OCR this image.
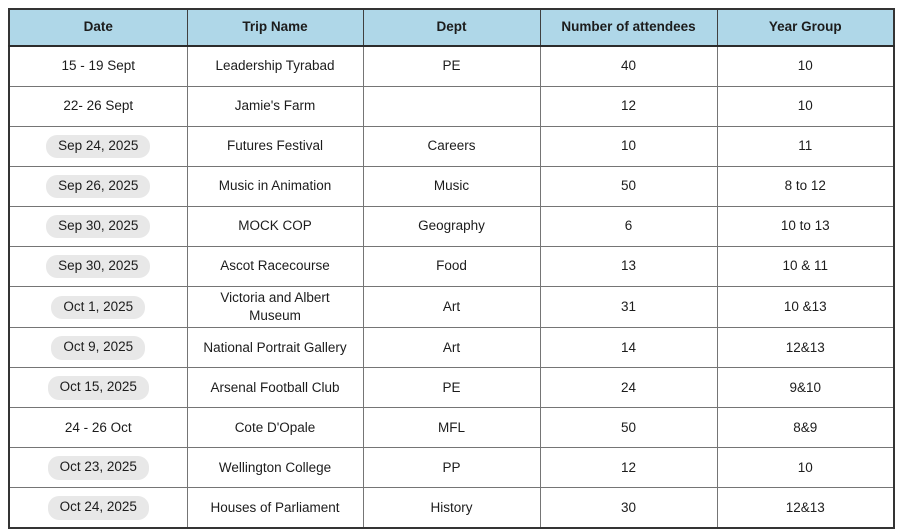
Date	Trip Name	Dept	Number of attendees	Year Group
15 - 19 Sept	Leadership Tyrabad	PE	40	10
22- 26 Sept	Jamie's Farm		12	10
Sep 24, 2025	Futures Festival	Careers	10	11
Sep 26, 2025	Music in Animation	Music	50	8 to 12
Sep 30, 2025	MOCK COP	Geography	6	10 to 13
Sep 30, 2025	Ascot Racecourse	Food	13	10 & 11
Oct 1, 2025	Victoria and Albert Museum	Art	31	10 &13
Oct 9, 2025	National Portrait Gallery	Art	14	12&13
Oct 15, 2025	Arsenal Football Club	PE	24	9&10
24 - 26 Oct	Cote D'Opale	MFL	50	8&9
Oct 23, 2025	Wellington College	PP	12	10
Oct 24, 2025	Houses of Parliament	History	30	12&13
